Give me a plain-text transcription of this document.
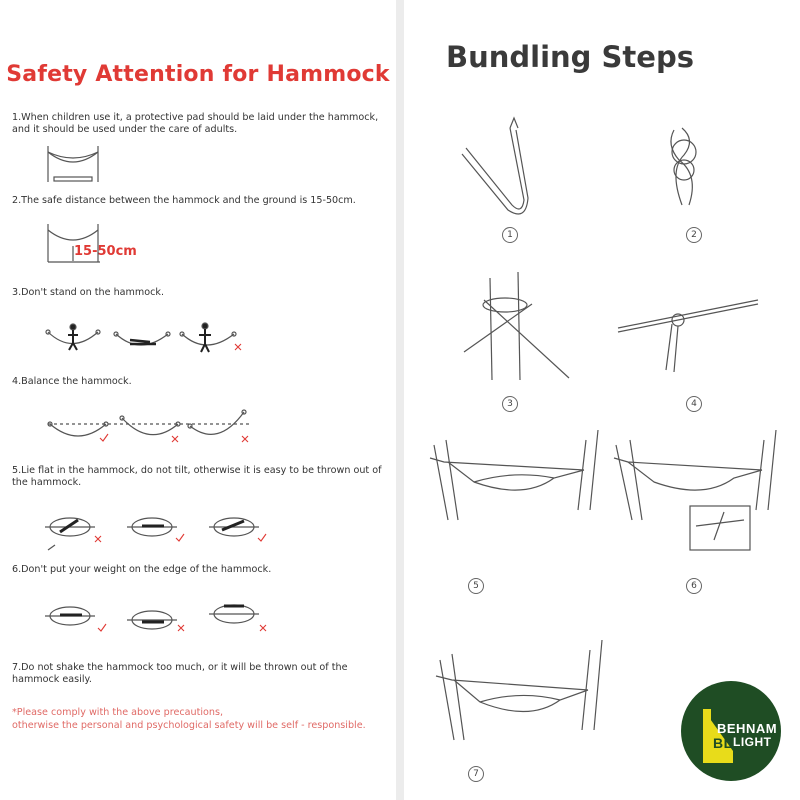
Safety Attention for Hammock
1.When children use it, a protective pad should be laid under the hammock, and it should be used under the care of adults.
2.The safe distance between the hammock and the ground is 15-50cm.
3.Don't stand on the hammock.
4.Balance the hammock.
5.Lie flat in the hammock, do not tilt, otherwise it is easy to be thrown out of the hammock.
6.Don't put your weight on the edge of the hammock.
7.Do not shake the hammock too much, or it will be thrown out of the hammock easily.
15-50cm
*Please comply with the above precautions,
otherwise the personal and psychological safety will be self - responsible.
Bundling Steps
1	2
3	4
5	6
7
BEHNAM
LIGHT
BL
